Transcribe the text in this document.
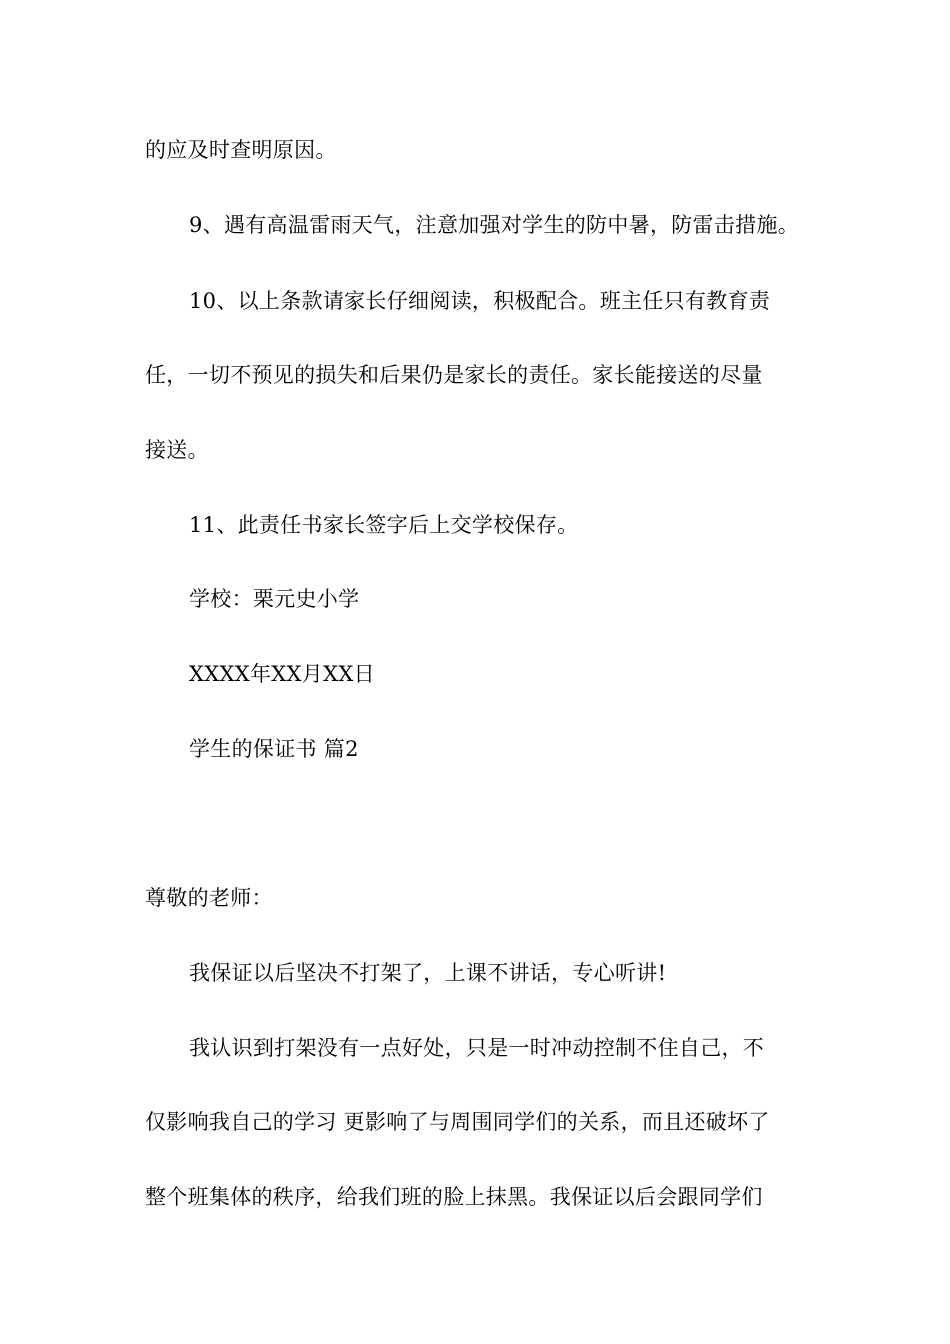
的应及时查明原因。
9、遇有高温雷雨天气，注意加强对学生的防中暑，防雷击措施。
10、以上条款请家长仔细阅读，积极配合。班主任只有教育责
任，一切不预见的损失和后果仍是家长的责任。家长能接送的尽量
接送。
11、此责任书家长签字后上交学校保存。
学校：栗元史小学
XXXX年XX月XX日
学生的保证书 篇2
尊敬的老师：
我保证以后坚决不打架了，上课不讲话，专心听讲!
我认识到打架没有一点好处，只是一时冲动控制不住自己，不
仅影响我自己的学习 更影响了与周围同学们的关系，而且还破坏了
整个班集体的秩序，给我们班的脸上抹黑。我保证以后会跟同学们
